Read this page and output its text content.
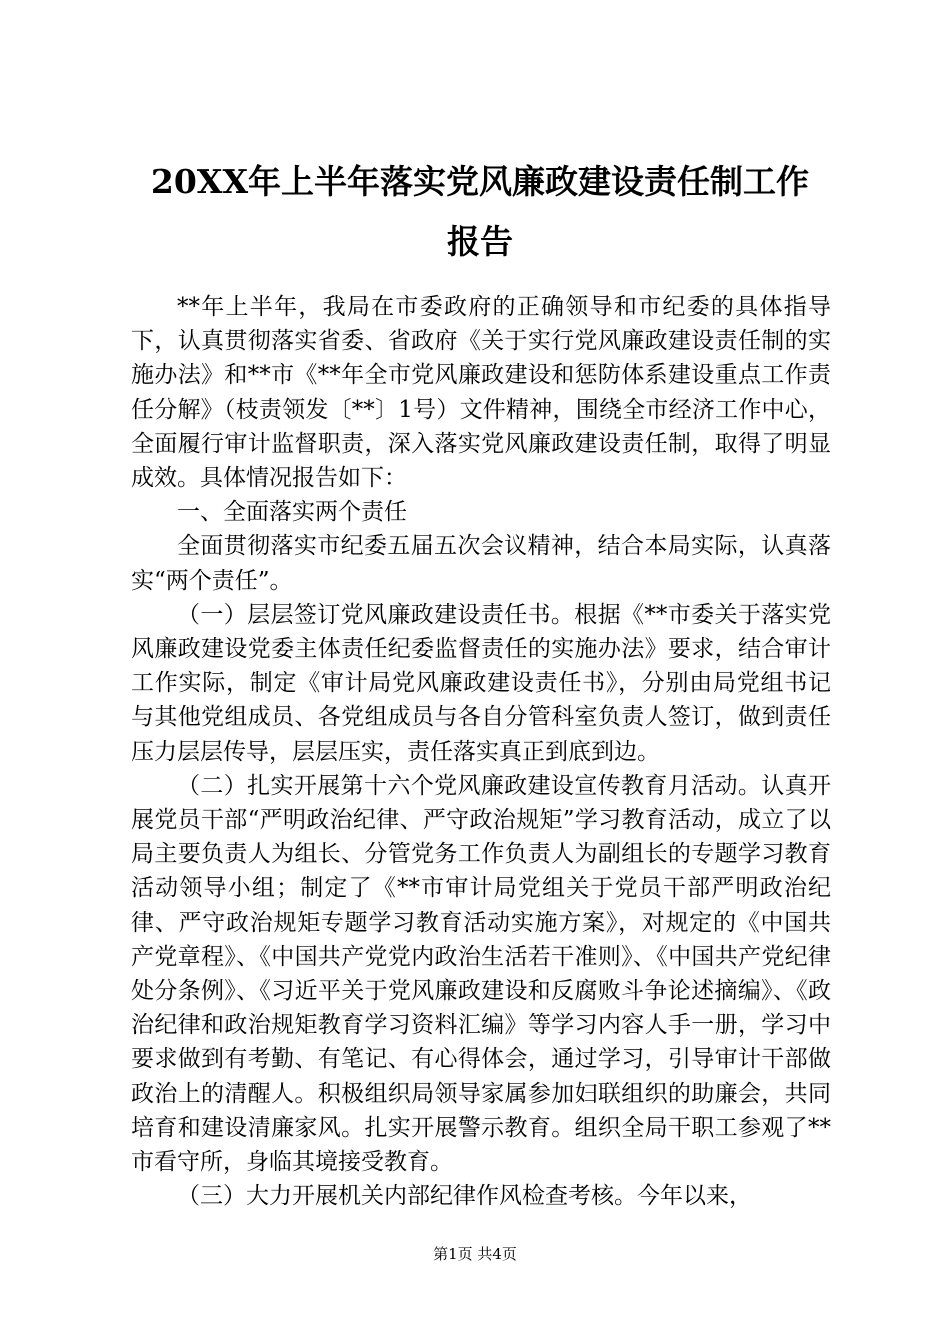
20XX年上半年落实党风廉政建设责任制工作
报告

**年上半年，我局在市委政府的正确领导和市纪委的具体指导下，认真贯彻落实省委、省政府《关于实行党风廉政建设责任制的实施办法》和**市《**年全市党风廉政建设和惩防体系建设重点工作责任分解》（枝责领发〔**〕1号）文件精神，围绕全市经济工作中心，全面履行审计监督职责，深入落实党风廉政建设责任制，取得了明显成效。具体情况报告如下：

一、全面落实两个责任

全面贯彻落实市纪委五届五次会议精神，结合本局实际，认真落实“两个责任”。

（一）层层签订党风廉政建设责任书。根据《**市委关于落实党风廉政建设党委主体责任纪委监督责任的实施办法》要求，结合审计工作实际，制定《审计局党风廉政建设责任书》，分别由局党组书记与其他党组成员、各党组成员与各自分管科室负责人签订，做到责任压力层层传导，层层压实，责任落实真正到底到边。

（二）扎实开展第十六个党风廉政建设宣传教育月活动。认真开展党员干部“严明政治纪律、严守政治规矩”学习教育活动，成立了以局主要负责人为组长、分管党务工作负责人为副组长的专题学习教育活动领导小组；制定了《**市审计局党组关于党员干部严明政治纪律、严守政治规矩专题学习教育活动实施方案》，对规定的《中国共产党章程》、《中国共产党党内政治生活若干准则》、《中国共产党纪律处分条例》、《习近平关于党风廉政建设和反腐败斗争论述摘编》、《政治纪律和政治规矩教育学习资料汇编》等学习内容人手一册，学习中要求做到有考勤、有笔记、有心得体会，通过学习，引导审计干部做政治上的清醒人。积极组织局领导家属参加妇联组织的助廉会，共同培育和建设清廉家风。扎实开展警示教育。组织全局干职工参观了**市看守所，身临其境接受教育。

（三）大力开展机关内部纪律作风检查考核。今年以来，

第1页 共4页
